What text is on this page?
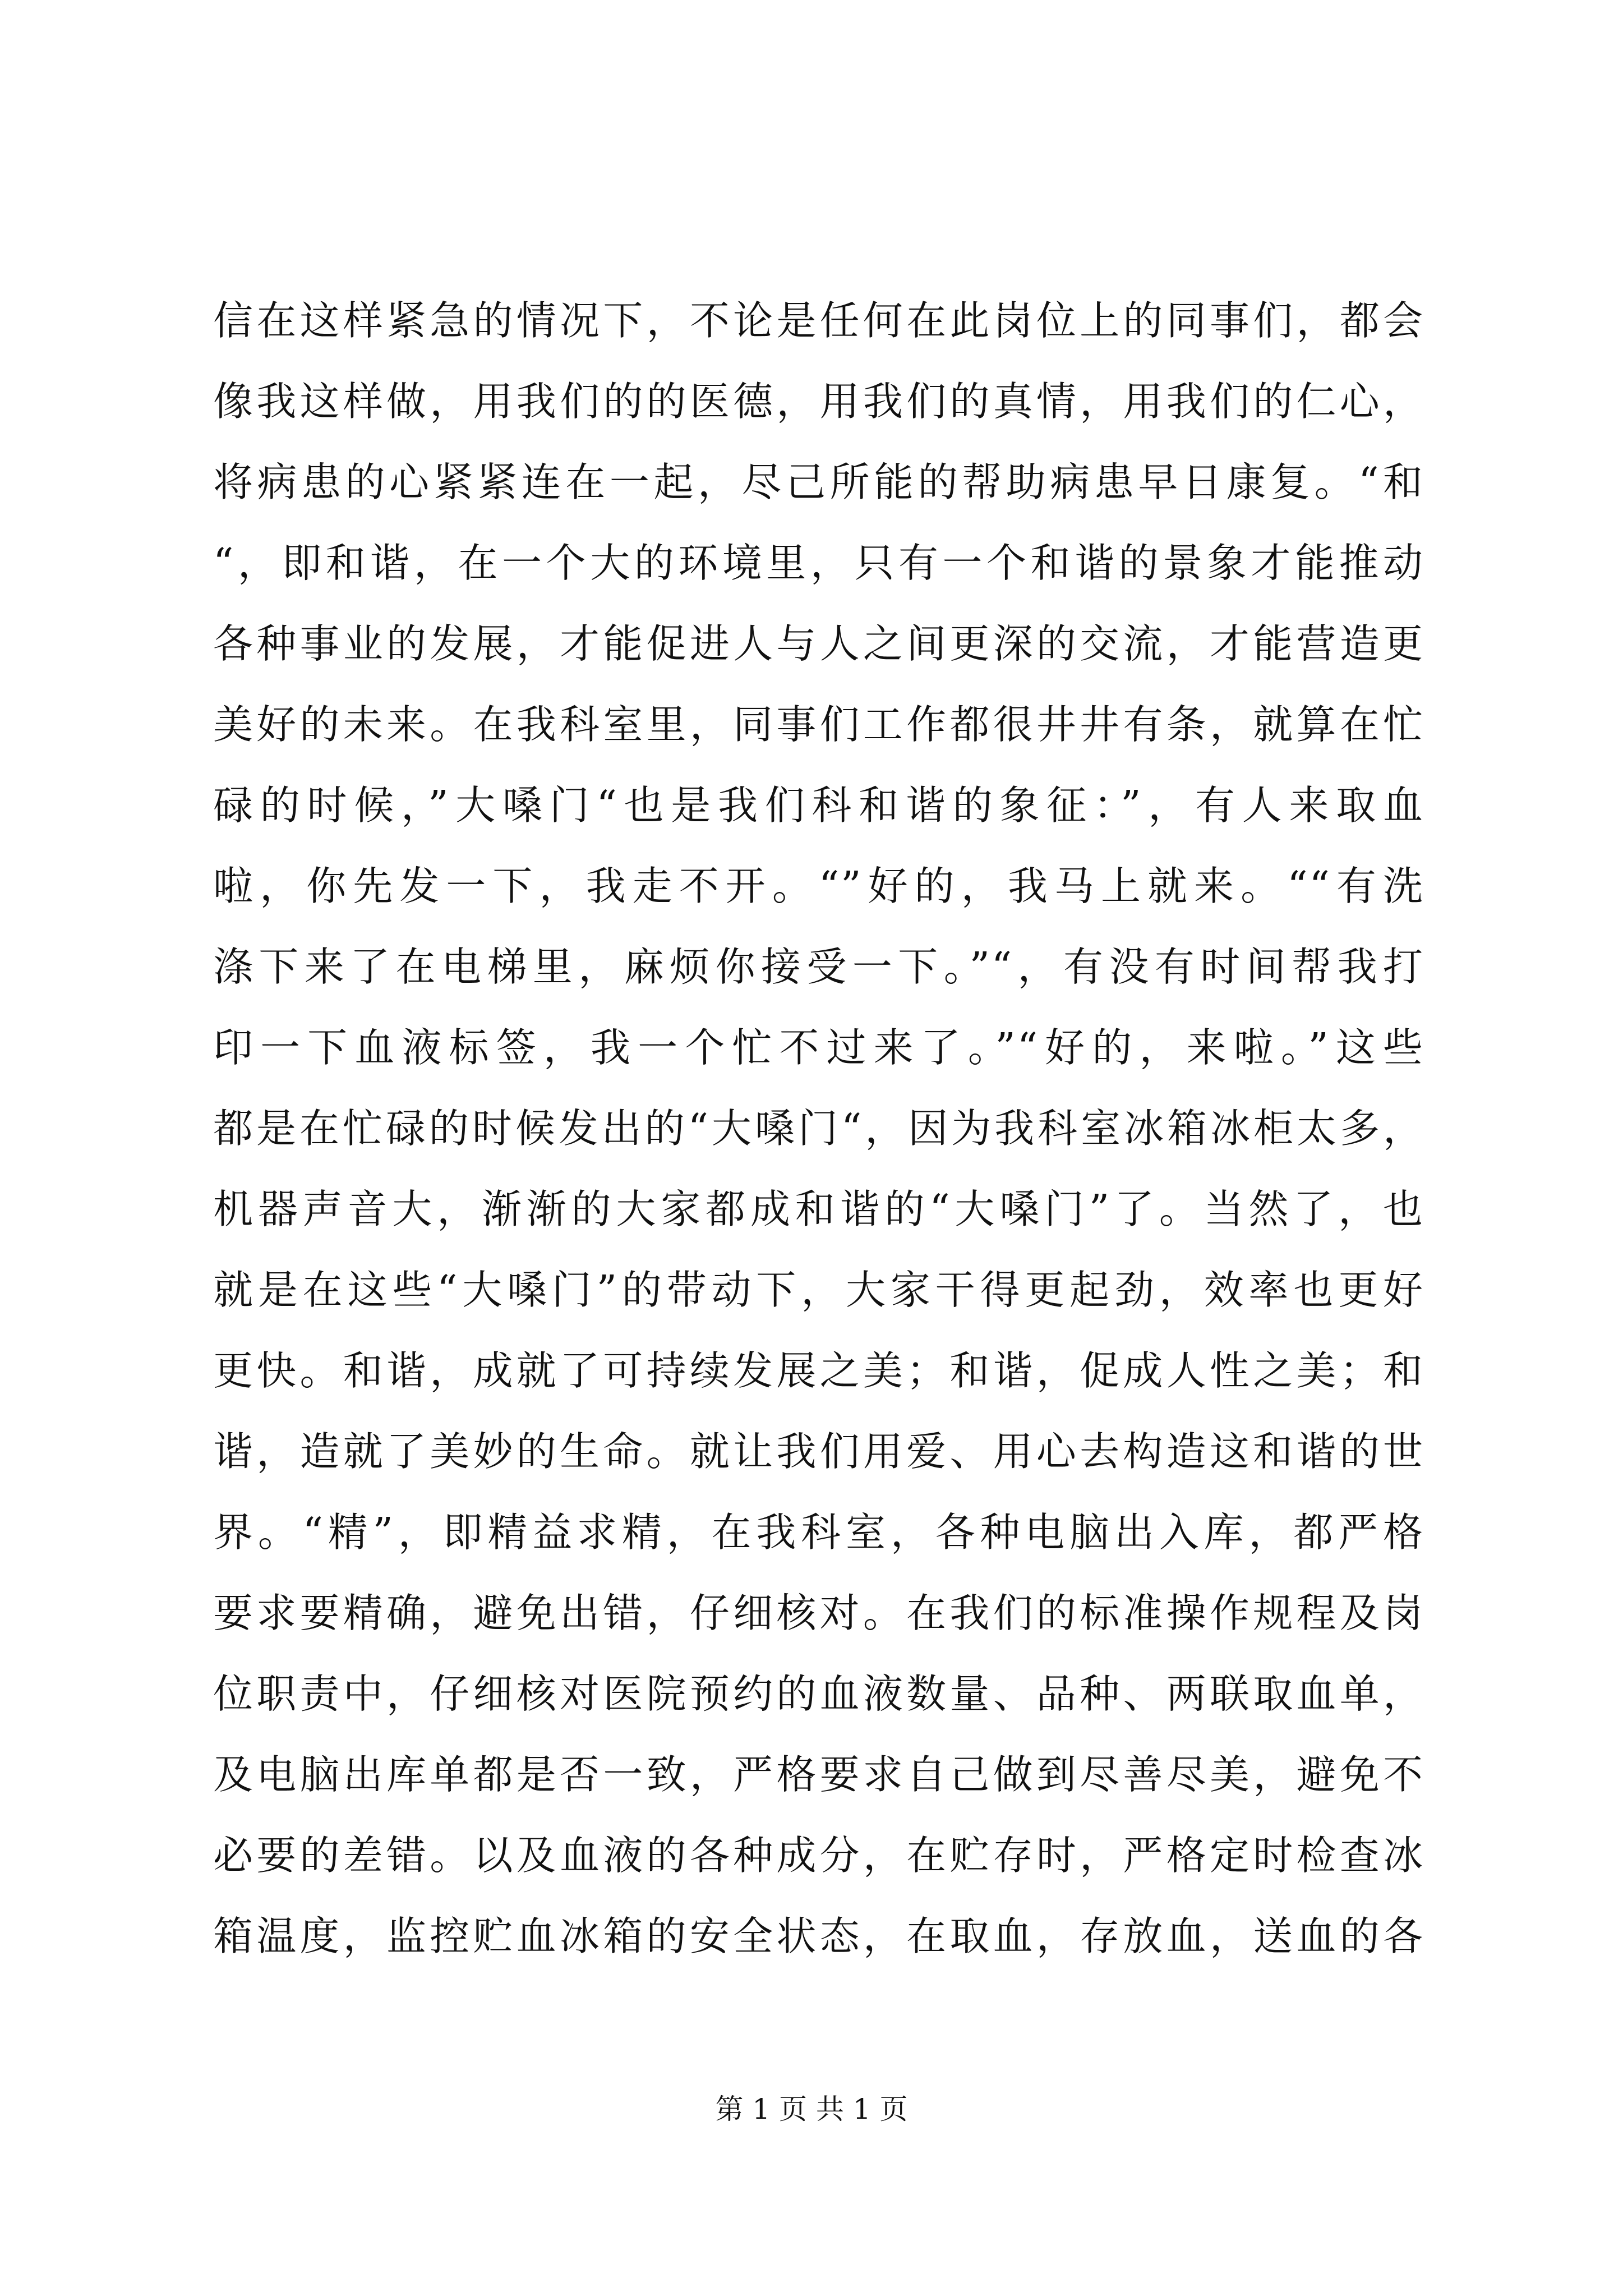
信在这样紧急的情况下，不论是任何在此岗位上的同事们，都会
像我这样做，用我们的的医德，用我们的真情，用我们的仁心，
将病患的心紧紧连在一起，尽己所能的帮助病患早日康复。“和
“，即和谐，在一个大的环境里，只有一个和谐的景象才能推动
各种事业的发展，才能促进人与人之间更深的交流，才能营造更
美好的未来。在我科室里，同事们工作都很井井有条，就算在忙
碌的时候，”大嗓门“也是我们科和谐的象征：”，有人来取血
啦，你先发一下，我走不开。“”好的，我马上就来。““有洗
涤下来了在电梯里，麻烦你接受一下。”“，有没有时间帮我打
印一下血液标签，我一个忙不过来了。”“好的，来啦。”这些
都是在忙碌的时候发出的“大嗓门“，因为我科室冰箱冰柜太多，
机器声音大，渐渐的大家都成和谐的“大嗓门”了。当然了，也
就是在这些“大嗓门”的带动下，大家干得更起劲，效率也更好
更快。和谐，成就了可持续发展之美；和谐，促成人性之美；和
谐，造就了美妙的生命。就让我们用爱、用心去构造这和谐的世
界。“精”，即精益求精，在我科室，各种电脑出入库，都严格
要求要精确，避免出错，仔细核对。在我们的标准操作规程及岗
位职责中，仔细核对医院预约的血液数量、品种、两联取血单，
及电脑出库单都是否一致，严格要求自己做到尽善尽美，避免不
必要的差错。以及血液的各种成分，在贮存时，严格定时检查冰
箱温度，监控贮血冰箱的安全状态，在取血，存放血，送血的各
第 1 页 共 1 页
